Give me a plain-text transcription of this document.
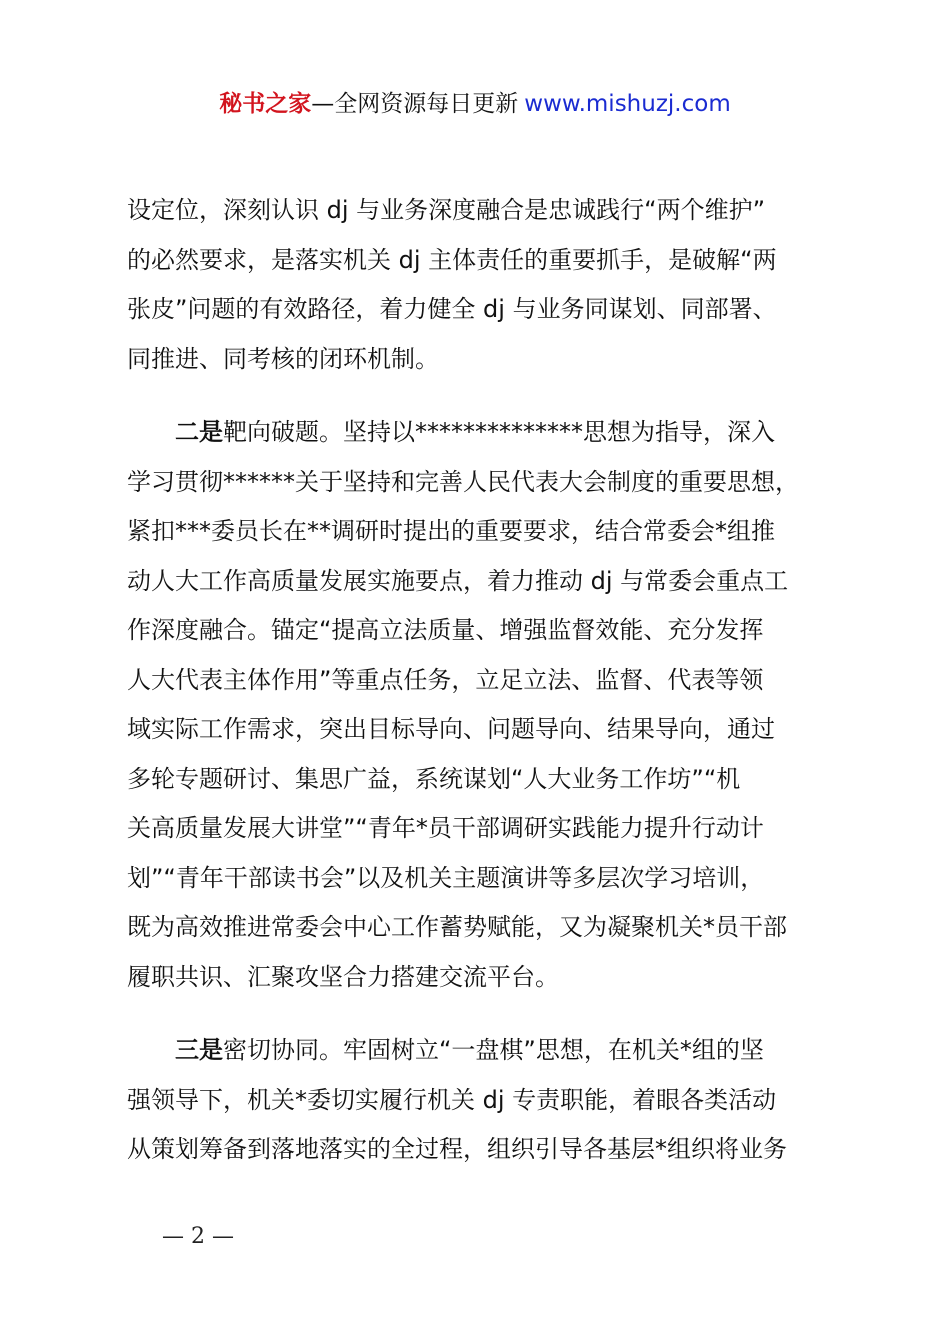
秘书之家—全网资源每日更新 www.mishuzj.com
设定位，深刻认识 dj 与业务深度融合是忠诚践行“两个维护”
的必然要求，是落实机关 dj 主体责任的重要抓手，是破解“两
张皮”问题的有效路径，着力健全 dj 与业务同谋划、同部署、
同推进、同考核的闭环机制。
二是靶向破题。坚持以**************思想为指导，深入
学习贯彻******关于坚持和完善人民代表大会制度的重要思想，
紧扣***委员长在**调研时提出的重要要求，结合常委会*组推
动人大工作高质量发展实施要点，着力推动 dj 与常委会重点工
作深度融合。锚定“提高立法质量、增强监督效能、充分发挥
人大代表主体作用”等重点任务，立足立法、监督、代表等领
域实际工作需求，突出目标导向、问题导向、结果导向，通过
多轮专题研讨、集思广益，系统谋划“人大业务工作坊”“机
关高质量发展大讲堂”“青年*员干部调研实践能力提升行动计
划”“青年干部读书会”以及机关主题演讲等多层次学习培训，
既为高效推进常委会中心工作蓄势赋能，又为凝聚机关*员干部
履职共识、汇聚攻坚合力搭建交流平台。
三是密切协同。牢固树立“一盘棋”思想，在机关*组的坚
强领导下，机关*委切实履行机关 dj 专责职能，着眼各类活动
从策划筹备到落地落实的全过程，组织引导各基层*组织将业务
— 2 —
